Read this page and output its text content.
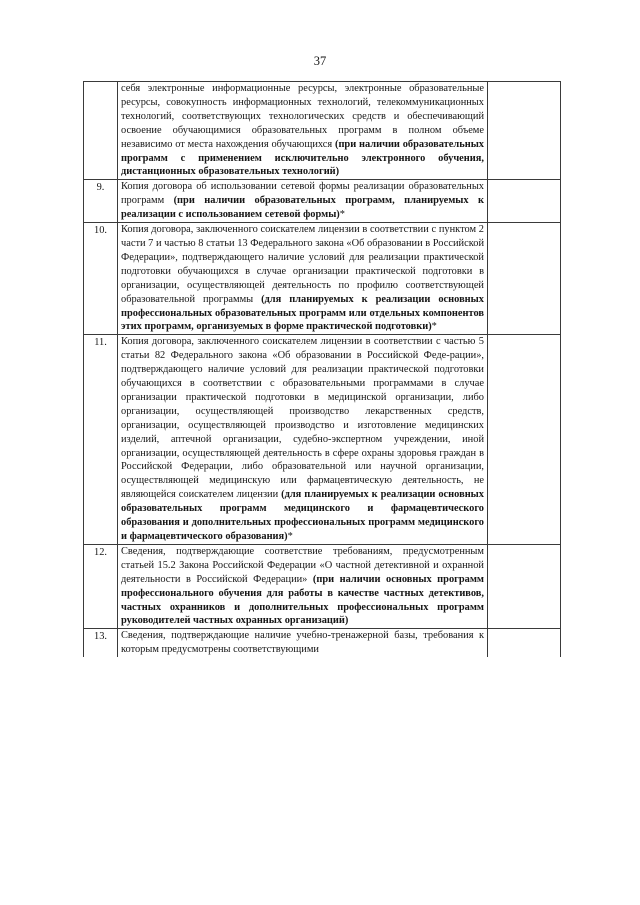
37
	себя электронные информационные ресурсы, электронные образовательные ресурсы, совокупность информационных технологий, телекоммуникационных технологий, соответствующих технологических средств и обеспечивающий освоение обучающимися образовательных программ в полном объеме независимо от места нахождения обучающихся (при наличии образовательных программ с применением исключительно электронного обучения, дистанционных образовательных технологий)	
9.	Копия договора об использовании сетевой формы реализации образовательных программ (при наличии образовательных программ, планируемых к реализации с использованием сетевой формы)*	
10.	Копия договора, заключенного соискателем лицензии в соответствии с пунктом 2 части 7 и частью 8 статьи 13 Федерального закона «Об образовании в Российской Федерации», подтверждающего наличие условий для реализации практической подготовки обучающихся в случае организации практической подготовки в организации, осуществляющей деятельность по профилю соответствующей образовательной программы (для планируемых к реализации основных профессиональных образовательных программ или отдельных компонентов этих программ, организуемых в форме практической подготовки)*	
11.	Копия договора, заключенного соискателем лицензии в соответствии с частью 5 статьи 82 Федерального закона «Об образовании в Российской Феде-рации», подтверждающего наличие условий для реализации практической подготовки обучающихся в соответствии с образовательными программами в случае организации практической подготовки в медицинской организации, либо организации, осуществляющей производство лекарственных средств, организации, осуществляющей производство и изготовление медицинских изделий, аптечной организации, судебно-экспертном учреждении, иной организации, осуществляющей деятельность в сфере охраны здоровья граждан в Российской Федерации, либо образовательной или научной организации, осуществляющей медицинскую или фармацевтическую деятельность, не являющейся соискателем лицензии (для планируемых к реализации основных образовательных программ медицинского и фармацевтического образования и дополнительных профессиональных программ медицинского и фармацевтического образования)*	
12.	Сведения, подтверждающие соответствие требованиям, предусмотренным статьей 15.2 Закона Российской Федерации «О частной детективной и охранной деятельности в Российской Федерации» (при наличии основных программ профессионального обучения для работы в качестве частных детективов, частных охранников и дополнительных профессиональных программ руководителей частных охранных организаций)	
13.	Сведения, подтверждающие наличие учебно-тренажерной базы, требования к которым предусмотрены соответствующими	
